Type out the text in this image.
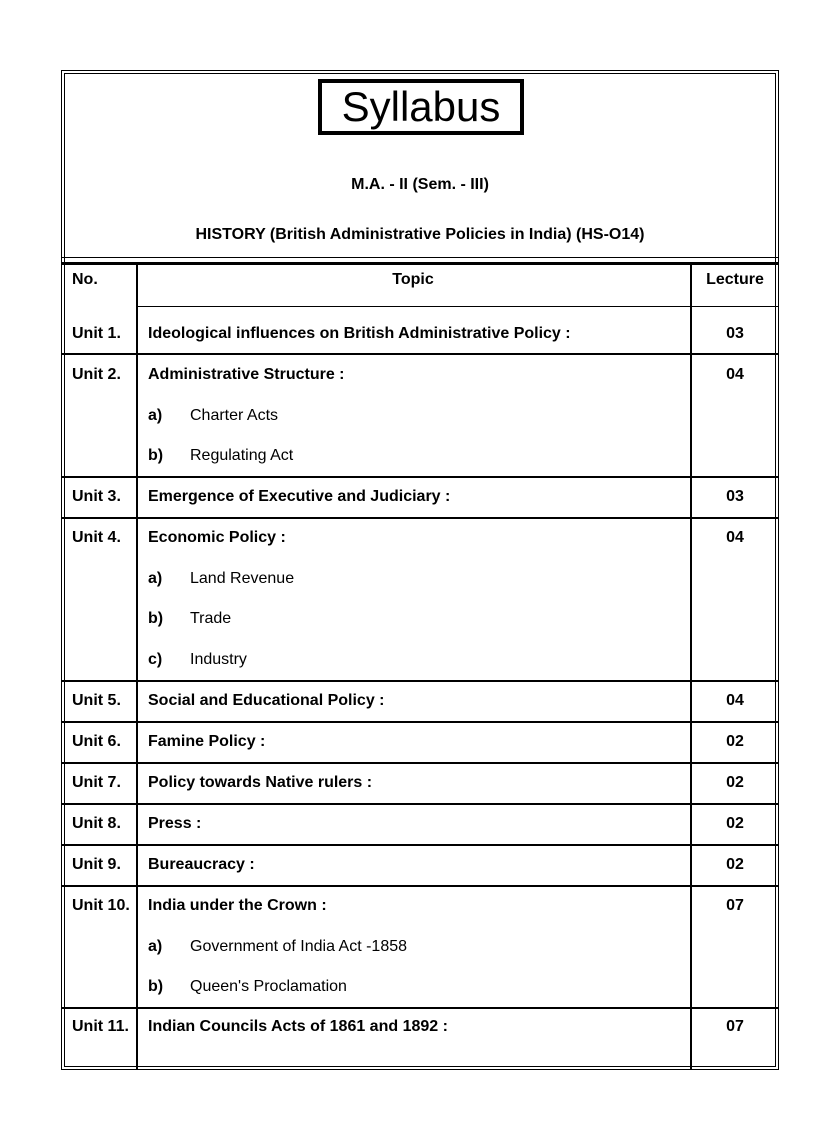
Syllabus
M.A. - II (Sem. - III)
HISTORY (British Administrative Policies in India) (HS-O14)
No.	Topic	Lecture
Unit 1. Ideological influences on British Administrative Policy :	03
Unit 2. Administrative Structure :	04
a) Charter Acts
b) Regulating Act
Unit 3. Emergence of Executive and Judiciary :	03
Unit 4. Economic Policy :	04
a) Land Revenue
b) Trade
c) Industry
Unit 5. Social and Educational Policy :	04
Unit 6. Famine Policy :	02
Unit 7. Policy towards Native rulers :	02
Unit 8. Press :	02
Unit 9. Bureaucracy :	02
Unit 10. India under the Crown :	07
a) Government of India Act -1858
b) Queen's Proclamation
Unit 11. Indian Councils Acts of 1861 and 1892 :	07
